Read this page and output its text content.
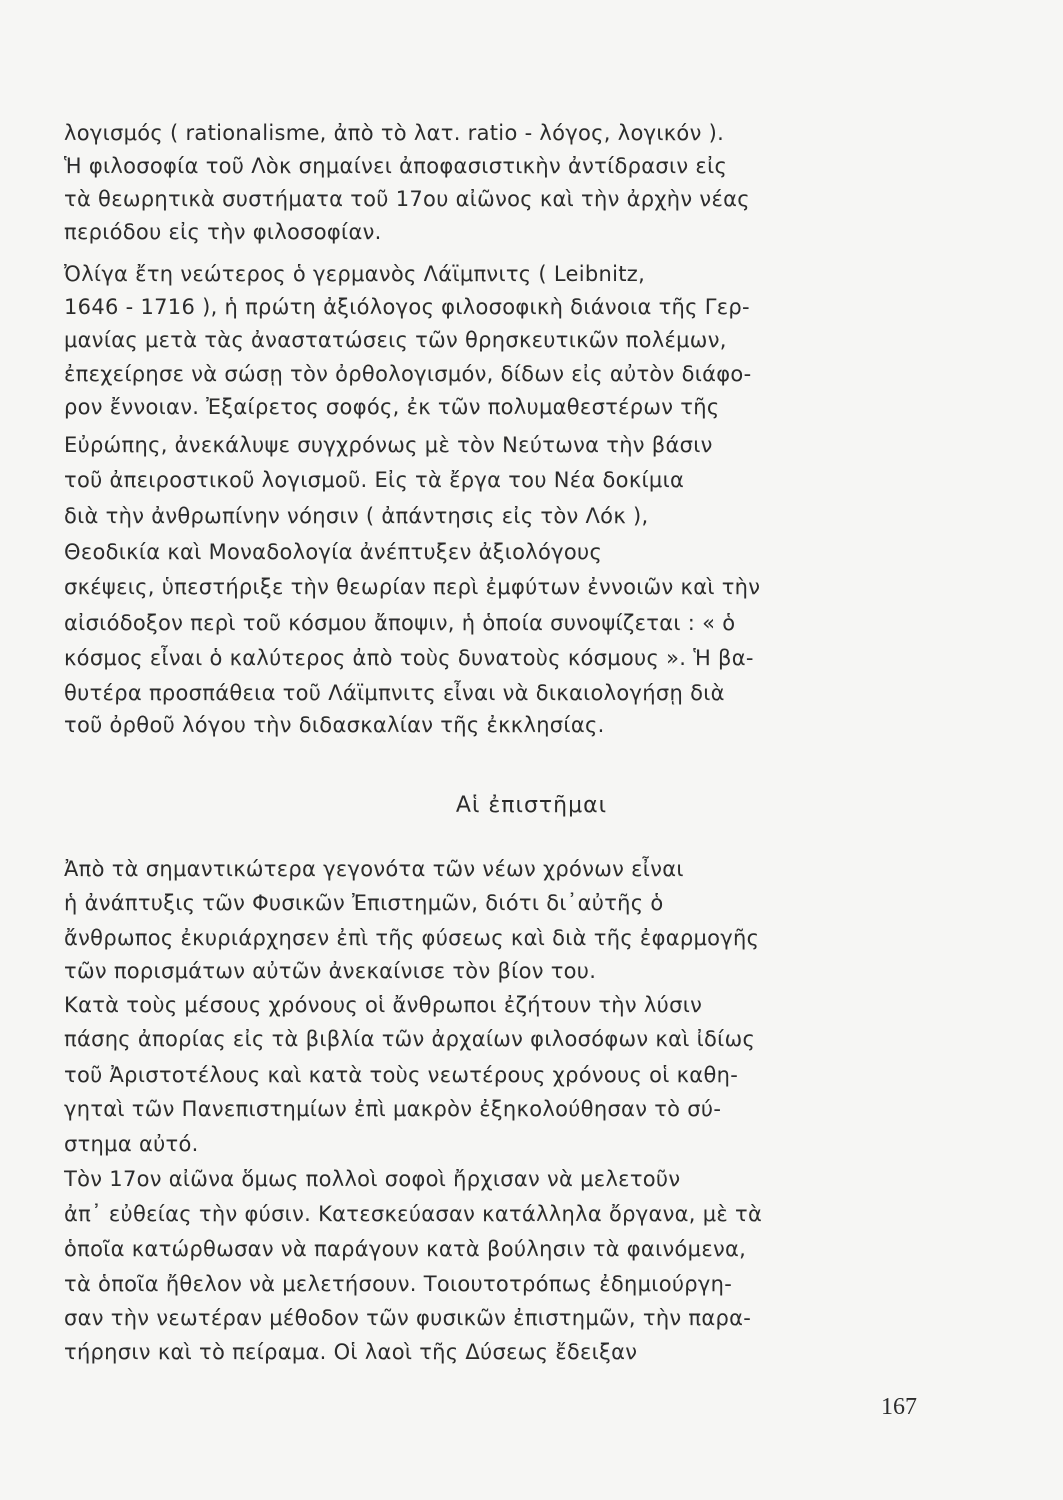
λογισμός ( rationalisme, ἀπὸ τὸ λατ. ratio - λόγος, λογικόν ).
Ἡ φιλοσοφία τοῦ Λὸκ σημαίνει ἀποφασιστικὴν ἀντίδρασιν εἰς
τὰ θεωρητικὰ συστήματα τοῦ 17ου αἰῶνος καὶ τὴν ἀρχὴν νέας
περιόδου εἰς τὴν φιλοσοφίαν.
Ὀλίγα ἔτη νεώτερος ὁ γερμανὸς Λάϊμπνιτς ( Leibnitz,
1646 - 1716 ), ἡ πρώτη ἀξιόλογος φιλοσοφικὴ διάνοια τῆς Γερ-
μανίας μετὰ τὰς ἀναστατώσεις τῶν θρησκευτικῶν πολέμων,
ἐπεχείρησε νὰ σώσῃ τὸν ὀρθολογισμόν, δίδων εἰς αὐτὸν διάφο-
ρον ἔννοιαν. Ἐξαίρετος σοφός, ἐκ τῶν πολυμαθεστέρων τῆς
Εὐρώπης, ἀνεκάλυψε συγχρόνως μὲ τὸν Νεύτωνα τὴν βάσιν
τοῦ ἀπειροστικοῦ λογισμοῦ. Εἰς τὰ ἔργα του Νέα δοκίμια
διὰ τὴν ἀνθρωπίνην νόησιν ( ἀπάντησις εἰς τὸν Λόκ ),
Θεοδικία καὶ Μοναδολογία ἀνέπτυξεν ἀξιολόγους
σκέψεις, ὑπεστήριξε τὴν θεωρίαν περὶ ἐμφύτων ἐννοιῶν καὶ τὴν
αἰσιόδοξον περὶ τοῦ κόσμου ἄποψιν, ἡ ὁποία συνοψίζεται : « ὁ
κόσμος εἶναι ὁ καλύτερος ἀπὸ τοὺς δυνατοὺς κόσμους ». Ἡ βα-
θυτέρα προσπάθεια τοῦ Λάϊμπνιτς εἶναι νὰ δικαιολογήσῃ διὰ
τοῦ ὀρθοῦ λόγου τὴν διδασκαλίαν τῆς ἐκκλησίας.
Αἱ ἐπιστῆμαι
Ἀπὸ τὰ σημαντικώτερα γεγονότα τῶν νέων χρόνων εἶναι
ἡ ἀνάπτυξις τῶν Φυσικῶν Ἐπιστημῶν, διότι δι᾽αὐτῆς ὁ
ἄνθρωπος ἐκυριάρχησεν ἐπὶ τῆς φύσεως καὶ διὰ τῆς ἐφαρμογῆς
τῶν πορισμάτων αὐτῶν ἀνεκαίνισε τὸν βίον του.
Κατὰ τοὺς μέσους χρόνους οἱ ἄνθρωποι ἐζήτουν τὴν λύσιν
πάσης ἀπορίας εἰς τὰ βιβλία τῶν ἀρχαίων φιλοσόφων καὶ ἰδίως
τοῦ Ἀριστοτέλους καὶ κατὰ τοὺς νεωτέρους χρόνους οἱ καθη-
γηταὶ τῶν Πανεπιστημίων ἐπὶ μακρὸν ἐξηκολούθησαν τὸ σύ-
στημα αὐτό.
Τὸν 17ον αἰῶνα ὅμως πολλοὶ σοφοὶ ἤρχισαν νὰ μελετοῦν
ἀπ᾽ εὐθείας τὴν φύσιν. Κατεσκεύασαν κατάλληλα ὄργανα, μὲ τὰ
ὁποῖα κατώρθωσαν νὰ παράγουν κατὰ βούλησιν τὰ φαινόμενα,
τὰ ὁποῖα ἤθελον νὰ μελετήσουν. Τοιουτοτρόπως ἐδημιούργη-
σαν τὴν νεωτέραν μέθοδον τῶν φυσικῶν ἐπιστημῶν, τὴν παρα-
τήρησιν καὶ τὸ πείραμα. Οἱ λαοὶ τῆς Δύσεως ἔδειξαν
167
